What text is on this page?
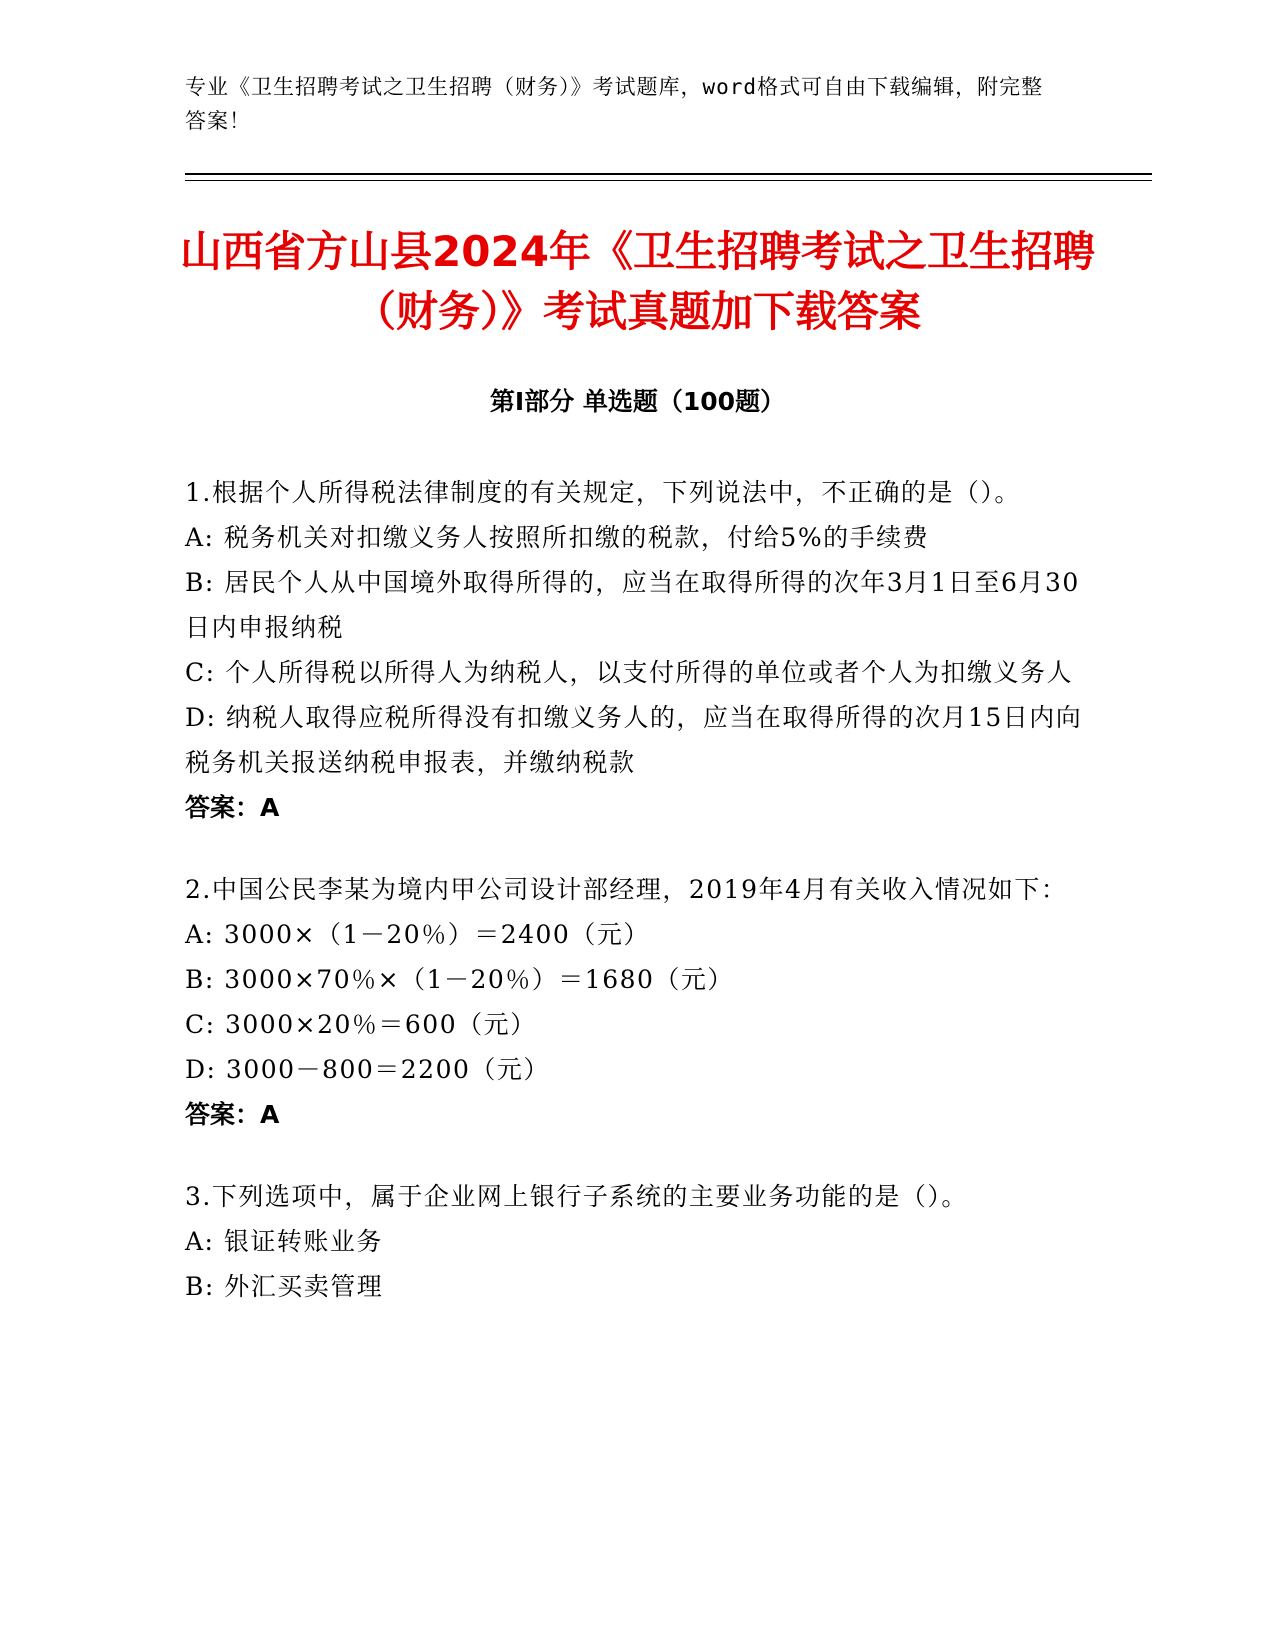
专业《卫生招聘考试之卫生招聘（财务）》考试题库，word格式可自由下载编辑，附完整答案！
山西省方山县2024年《卫生招聘考试之卫生招聘（财务）》考试真题加下载答案
第I部分 单选题（100题）

1.根据个人所得税法律制度的有关规定，下列说法中，不正确的是（）。

A: 税务机关对扣缴义务人按照所扣缴的税款，付给5%的手续费

B: 居民个人从中国境外取得所得的，应当在取得所得的次年3月1日至6月30日内申报纳税

C: 个人所得税以所得人为纳税人，以支付所得的单位或者个人为扣缴义务人

D: 纳税人取得应税所得没有扣缴义务人的，应当在取得所得的次月15日内向税务机关报送纳税申报表，并缴纳税款

答案：A

2.中国公民李某为境内甲公司设计部经理，2019年4月有关收入情况如下：

A: 3000×（1－20％）＝2400（元）

B: 3000×70％×（1－20％）＝1680（元）

C: 3000×20％＝600（元）

D: 3000－800＝2200（元）

答案：A

3.下列选项中，属于企业网上银行子系统的主要业务功能的是（）。

A: 银证转账业务

B: 外汇买卖管理
